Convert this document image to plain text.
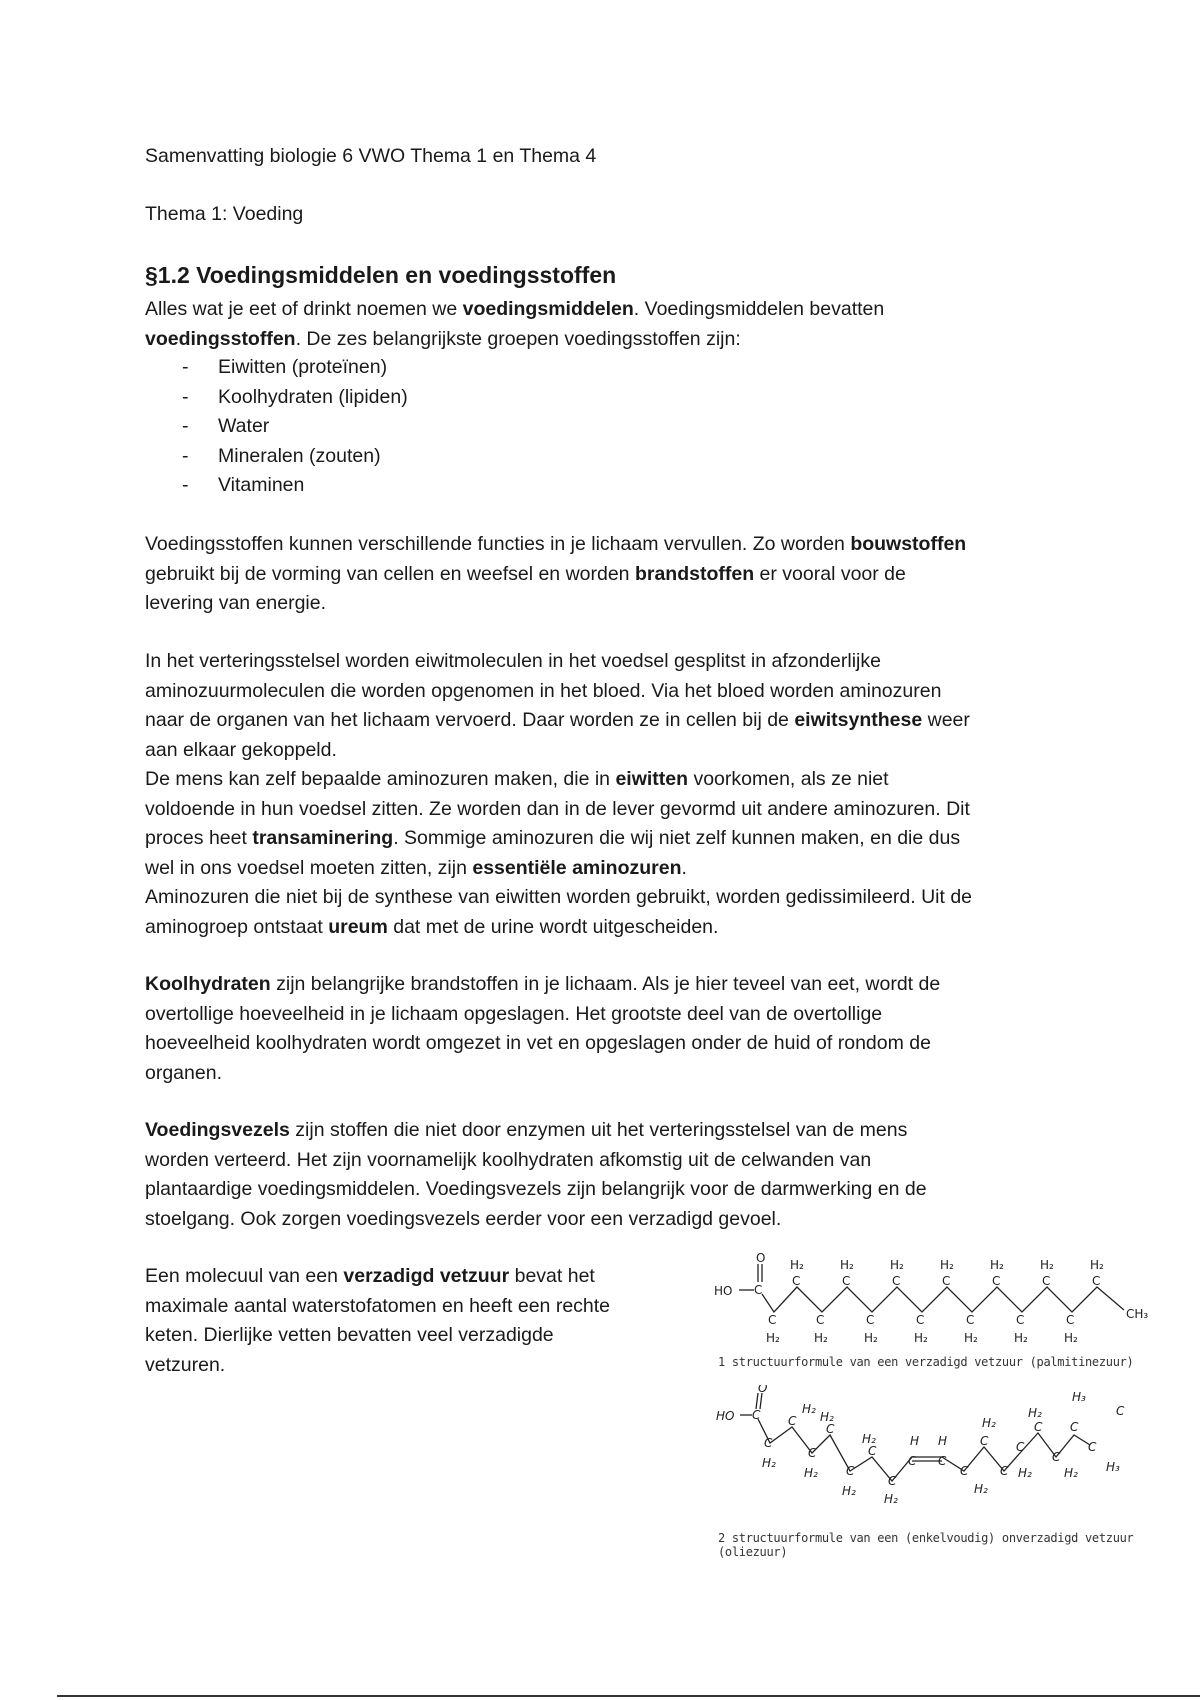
Samenvatting biologie 6 VWO Thema 1 en Thema 4
Thema 1: Voeding
§1.2 Voedingsmiddelen en voedingsstoffen
Alles wat je eet of drinkt noemen we voedingsmiddelen. Voedingsmiddelen bevatten
voedingsstoffen. De zes belangrijkste groepen voedingsstoffen zijn:
- Eiwitten (proteïnen)
- Koolhydraten (lipiden)
- Water
- Mineralen (zouten)
- Vitaminen
Voedingsstoffen kunnen verschillende functies in je lichaam vervullen. Zo worden bouwstoffen
gebruikt bij de vorming van cellen en weefsel en worden brandstoffen er vooral voor de
levering van energie.
In het verteringsstelsel worden eiwitmoleculen in het voedsel gesplitst in afzonderlijke
aminozuurmoleculen die worden opgenomen in het bloed. Via het bloed worden aminozuren
naar de organen van het lichaam vervoerd. Daar worden ze in cellen bij de eiwitsynthese weer
aan elkaar gekoppeld.
De mens kan zelf bepaalde aminozuren maken, die in eiwitten voorkomen, als ze niet
voldoende in hun voedsel zitten. Ze worden dan in de lever gevormd uit andere aminozuren. Dit
proces heet transaminering. Sommige aminozuren die wij niet zelf kunnen maken, en die dus
wel in ons voedsel moeten zitten, zijn essentiële aminozuren.
Aminozuren die niet bij de synthese van eiwitten worden gebruikt, worden gedissimileerd. Uit de
aminogroep ontstaat ureum dat met de urine wordt uitgescheiden.
Koolhydraten zijn belangrijke brandstoffen in je lichaam. Als je hier teveel van eet, wordt de
overtollige hoeveelheid in je lichaam opgeslagen. Het grootste deel van de overtollige
hoeveelheid koolhydraten wordt omgezet in vet en opgeslagen onder de huid of rondom de
organen.
Voedingsvezels zijn stoffen die niet door enzymen uit het verteringsstelsel van de mens
worden verteerd. Het zijn voornamelijk koolhydraten afkomstig uit de celwanden van
plantaardige voedingsmiddelen. Voedingsvezels zijn belangrijk voor de darmwerking en de
stoelgang. Ook zorgen voedingsvezels eerder voor een verzadigd gevoel.
Een molecuul van een verzadigd vetzuur bevat het
maximale aantal waterstofatomen en heeft een rechte
keten. Dierlijke vetten bevatten veel verzadigde
vetzuren.
HO
O
C
C	C	C	C	C	C	C
C	C	C	C	C	C	C
H₂	H₂	H₂	H₂	H₂	H₂	H₂
H₂	H₂	H₂	H₂	H₂	H₂	H₂
CH₃
1 structuurformule van een verzadigd vetzuur (palmitinezuur)
HO
O
C
C
C
C
C
C
C
C
C C
C
C
C
C
C
C
C
C
H₂
H₂
H₂
H₂
H₂
H₂
H₂
H H
H₂
H₂
H₂
H₂
H₃
H₂ H₃
C
2 structuurformule van een (enkelvoudig) onverzadigd vetzuur (oliezuur)
